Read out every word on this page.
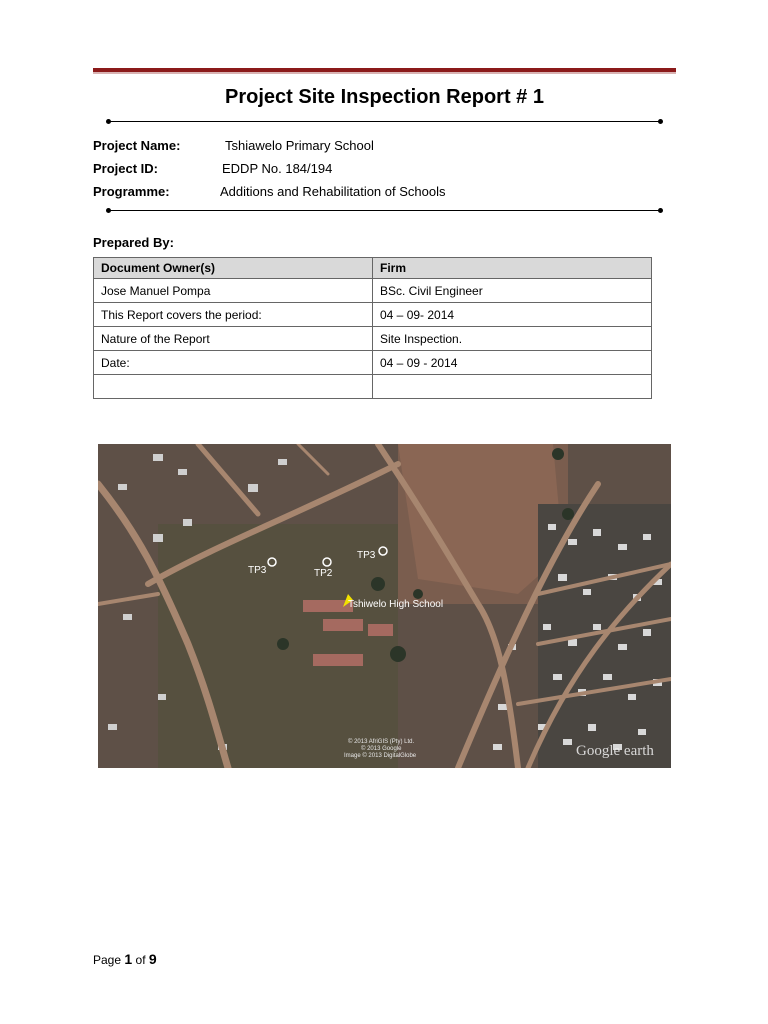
Project Site Inspection Report # 1
Project Name:	Tshiawelo Primary School
Project ID:	EDDP No. 184/194
Programme:	Additions and Rehabilitation of Schools
Prepared By:
Document Owner(s)	Firm
Jose Manuel Pompa	BSc. Civil Engineer
This Report covers the period:	04 – 09- 2014
Nature of the Report	Site Inspection.
Date:	04 – 09 - 2014

TP3	TP2
TP3
Tshiwelo High School
© 2013 AfriGIS (Pty) Ltd.
© 2013 Google
Image © 2013 DigitalGlobe	Google earth
Page 1 of 9
